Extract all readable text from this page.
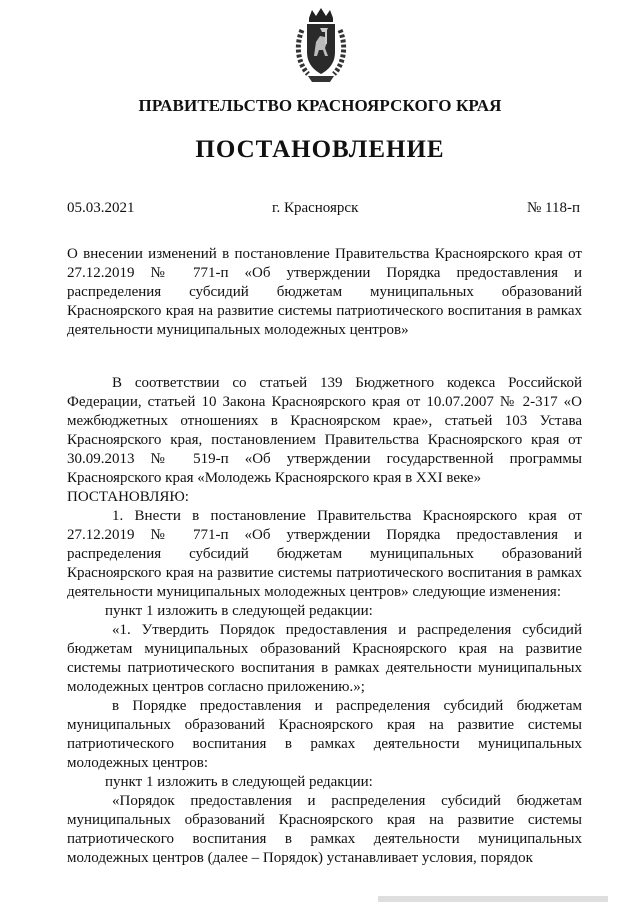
ПРАВИТЕЛЬСТВО КРАСНОЯРСКОГО КРАЯ
ПОСТАНОВЛЕНИЕ
05.03.2021	г. Красноярск	№ 118-п

О внесении изменений в постановление Правительства Красноярского края от 27.12.2019 № 771-п «Об утверждении Порядка предоставления и распределения субсидий бюджетам муниципальных образований Красноярского края на развитие системы патриотического воспитания в рамках деятельности муниципальных молодежных центров»

В соответствии со статьей 139 Бюджетного кодекса Российской Федерации, статьей 10 Закона Красноярского края от 10.07.2007 № 2-317 «О межбюджетных отношениях в Красноярском крае», статьей 103 Устава Красноярского края, постановлением Правительства Красноярского края от 30.09.2013 № 519-п «Об утверждении государственной программы Красноярского края «Молодежь Красноярского края в XXI веке»

ПОСТАНОВЛЯЮ:

1. Внести в постановление Правительства Красноярского края от 27.12.2019 № 771-п «Об утверждении Порядка предоставления и распределения субсидий бюджетам муниципальных образований Красноярского края на развитие системы патриотического воспитания в рамках деятельности муниципальных молодежных центров» следующие изменения:

пункт 1 изложить в следующей редакции:

«1. Утвердить Порядок предоставления и распределения субсидий бюджетам муниципальных образований Красноярского края на развитие системы патриотического воспитания в рамках деятельности муниципальных молодежных центров согласно приложению.»;

в Порядке предоставления и распределения субсидий бюджетам муниципальных образований Красноярского края на развитие системы патриотического воспитания в рамках деятельности муниципальных молодежных центров:

пункт 1 изложить в следующей редакции:

«Порядок предоставления и распределения субсидий бюджетам муниципальных образований Красноярского края на развитие системы патриотического воспитания в рамках деятельности муниципальных молодежных центров (далее – Порядок) устанавливает условия, порядок
